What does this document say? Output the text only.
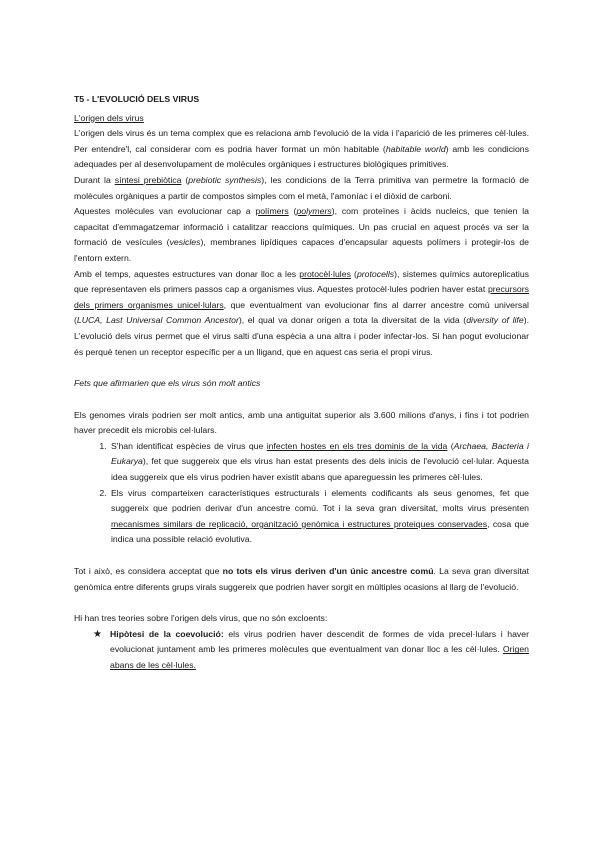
T5 - L'EVOLUCIÓ DELS VIRUS

L'origen dels virus

L'origen dels virus és un tema complex que es relaciona amb l'evolució de la vida i l'aparició de les primeres cèl·lules. Per entendre'l, cal considerar com es podria haver format un món habitable (habitable world) amb les condicions adequades per al desenvolupament de molècules orgàniques i estructures biològiques primitives.

Durant la síntesi prebiòtica (prebiotic synthesis), les condicions de la Terra primitiva van permetre la formació de molècules orgàniques a partir de compostos simples com el metà, l'amoníac i el diòxid de carboni.

Aquestes molècules van evolucionar cap a polímers (polymers), com proteïnes i àcids nucleics, que tenien la capacitat d'emmagatzemar informació i catalitzar reaccions químiques. Un pas crucial en aquest procés va ser la formació de vesícules (vesicles), membranes lipídiques capaces d'encapsular aquests polímers i protegir-los de l'entorn extern.

Amb el temps, aquestes estructures van donar lloc a les protocèl·lules (protocells), sistemes químics autoreplicatius que representaven els primers passos cap a organismes vius. Aquestes protocèl·lules podrien haver estat precursors dels primers organismes unicel·lulars, que eventualment van evolucionar fins al darrer ancestre comú universal (LUCA, Last Universal Common Ancestor), el qual va donar origen a tota la diversitat de la vida (diversity of life). L'evolució dels virus permet que el virus salti d'una espècia a una altra i poder infectar-los. Si han pogut evolucionar és perquè tenen un receptor específic per a un lligand, que en aquest cas seria el propi virus.

Fets que afirmarien que els virus són molt antics

Els genomes virals podrien ser molt antics, amb una antiguitat superior als 3.600 milions d'anys, i fins i tot podrien haver precedit els microbis cel·lulars.

1. S'han identificat espècies de virus que infecten hostes en els tres dominis de la vida (Archaea, Bacteria i Eukarya), fet que suggereix que els virus han estat presents des dels inicis de l'evolució cel·lular. Aquesta idea suggereix que els virus podrien haver existit abans que apareguessin les primeres cèl·lules.
2. Els virus comparteixen característiques estructurals i elements codificants als seus genomes, fet que suggereix que podrien derivar d'un ancestre comú. Tot i la seva gran diversitat, molts virus presenten mecanismes similars de replicació, organització genòmica i estructures proteiques conservades, cosa que indica una possible relació evolutiva.

Tot i això, es considera acceptat que no tots els virus deriven d'un únic ancestre comú. La seva gran diversitat genòmica entre diferents grups virals suggereix que podrien haver sorgit en múltiples ocasions al llarg de l'evolució.

Hi han tres teories sobre l'origen dels virus, que no són excloents:

★ Hipòtesi de la coevolució: els virus podrien haver descendit de formes de vida precel·lulars i haver evolucionat juntament amb les primeres molècules que eventualment van donar lloc a les cèl·lules. Origen abans de les cèl·lules.
